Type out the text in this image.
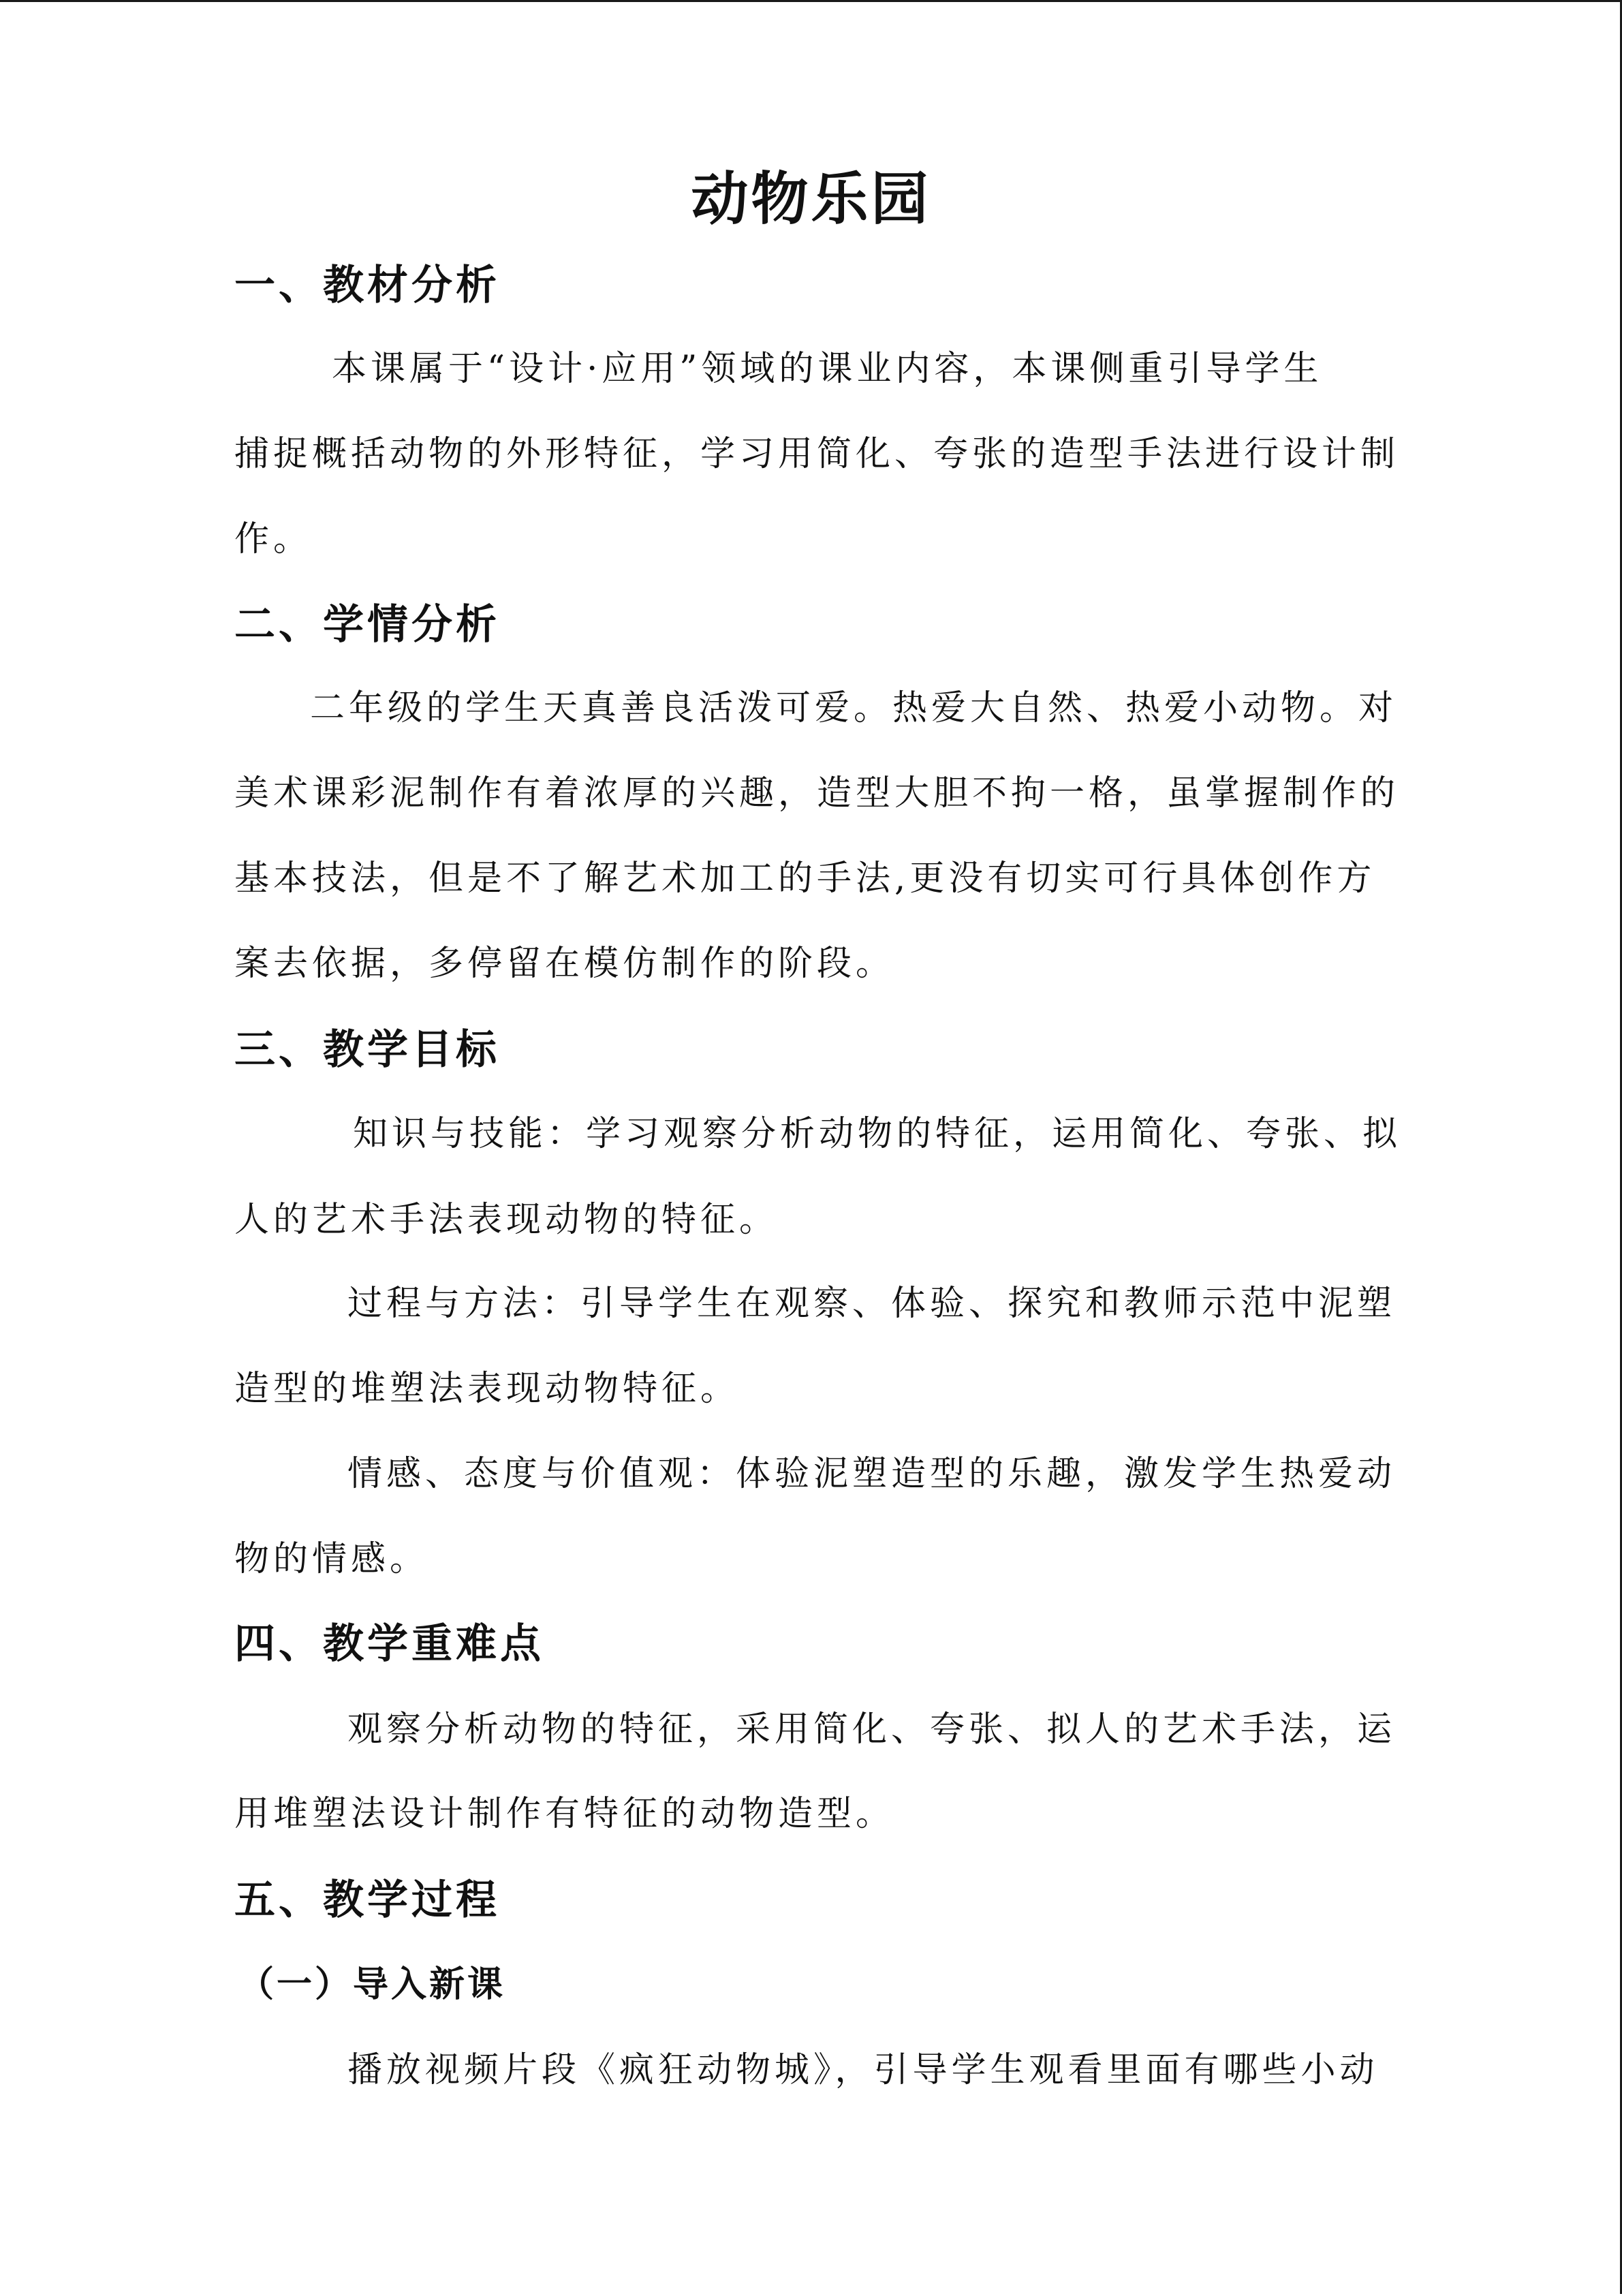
动物乐园
一、教材分析
本课属于“设计·应用”领域的课业内容，本课侧重引导学生
捕捉概括动物的外形特征，学习用简化、夸张的造型手法进行设计制
作。
二、学情分析
二年级的学生天真善良活泼可爱。热爱大自然、热爱小动物。对
美术课彩泥制作有着浓厚的兴趣，造型大胆不拘一格，虽掌握制作的
基本技法，但是不了解艺术加工的手法,更没有切实可行具体创作方
案去依据，多停留在模仿制作的阶段。
三、教学目标
知识与技能：学习观察分析动物的特征，运用简化、夸张、拟
人的艺术手法表现动物的特征。
过程与方法：引导学生在观察、体验、探究和教师示范中泥塑
造型的堆塑法表现动物特征。
情感、态度与价值观：体验泥塑造型的乐趣，激发学生热爱动
物的情感。
四、教学重难点
观察分析动物的特征，采用简化、夸张、拟人的艺术手法，运
用堆塑法设计制作有特征的动物造型。
五、教学过程
（一）导入新课
播放视频片段《疯狂动物城》，引导学生观看里面有哪些小动
